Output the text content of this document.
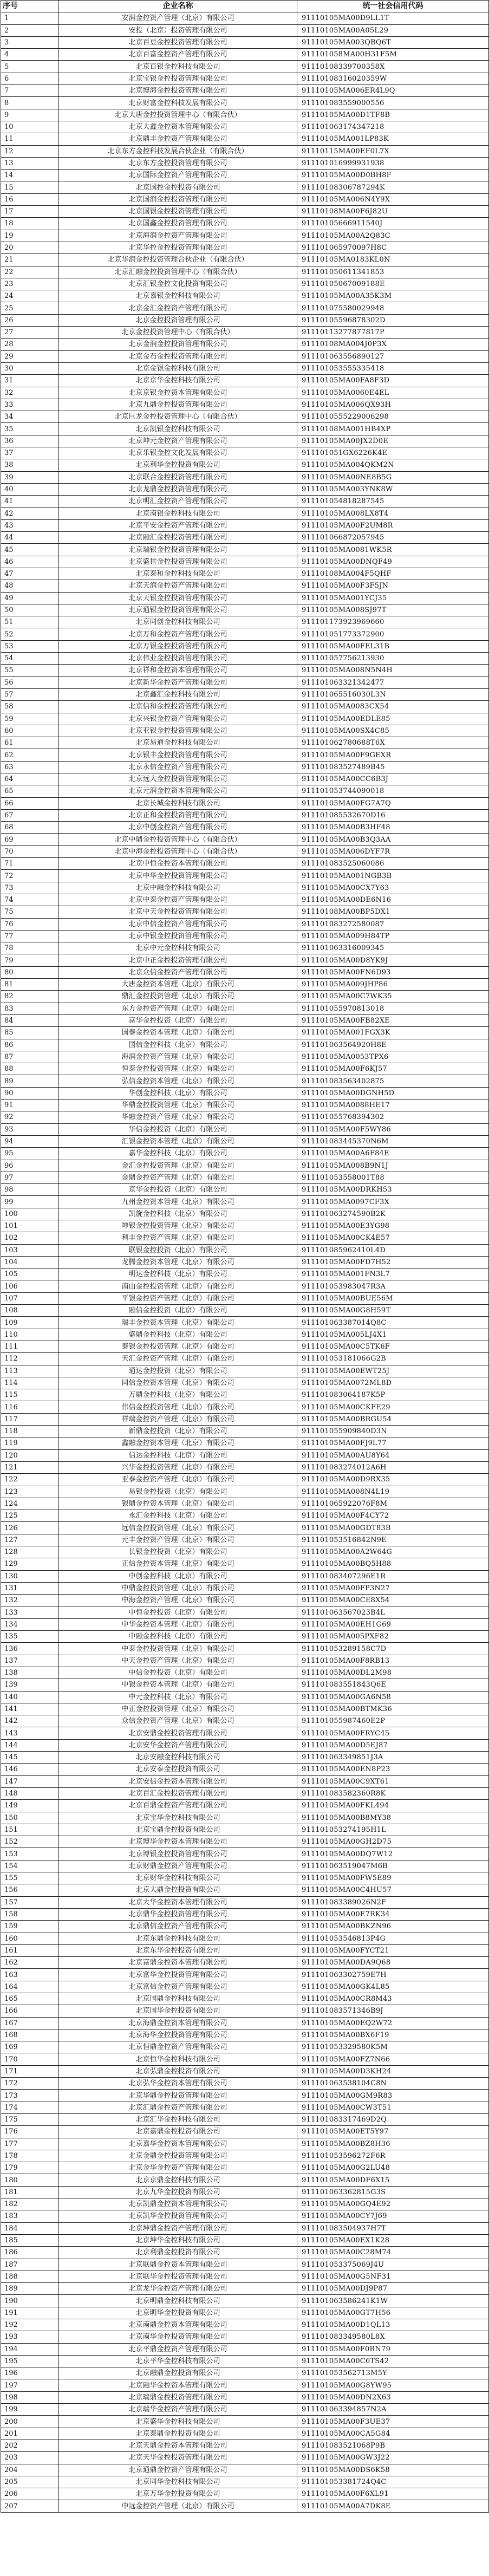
序号	企业名称	统一社会信用代码
1	安润金控资产管理（北京）有限公司	91110105MA00D9LL1T
2	安投（北京）投资管理有限公司	91110105MA00A05L29
3	北京百豆金控投资管理有限公司	91110105MA003QBQ6T
4	北京百富金控资产管理有限公司	911101058MA00H31F5M
5	北京百银金控科技有限公司	91110108339700358X
6	北京宝银金控投资管理有限公司	91110108316020359W
7	北京博海金控投资管理有限公司	91110105MA006ER4L9Q
8	北京财富金控科技发展有限公司	911101083559000556
9	北京大唐金控投资管理中心（有限合伙）	91110105MA00D1TF8B
10	北京大鑫金控资本管理有限公司	911101063174347218
11	北京鼎丰金控资产管理有限公司	91110105MA001LP83K
12	北京东方金控科技发展合伙企业（有限合伙）	91110115MA00EF0L7X
13	北京东方金控投资管理有限公司	911101016999931938
14	北京国际金控资产管理有限公司	91110105MA00D0BH8F
15	北京国控金控投资有限公司	91110108306787294K
16	北京国润金控投资管理有限公司	91110105MA006N4Y9X
17	北京国银金控投资管理有限公司	91110108MA00F6J82U
18	北京国鑫金控投资管理有限公司	91110105666911540J
19	北京海润金控资产管理有限公司	91110105MA00A2Q83C
20	北京华控金控投资管理有限公司	911101065970097H8C
21	北京华润金控投资管理合伙企业（有限合伙）	91110105MA0183KL0N
22	北京汇融金控投资管理中心（有限合伙）	911101050611341853
23	北京汇银金控文化投资有限公司	91110105067009188E
24	北京嘉银金控科技有限公司	91110105MA00A35K3M
25	北京金汇金控资产管理有限公司	911101075580029948
26	北京金控投资管理有限公司	91110105596878302D
27	北京金控投资管理中心（有限合伙）	91110113277877817P
28	北京金润金控投资管理有限公司	91110108MA004J0P3X
29	北京金石金控投资管理有限公司	911101063556890127
30	北京金银金控科技有限公司	911101053555335418
31	北京京华金控科技有限公司	91110105MA00FA8F3D
32	北京京银金控资本管理有限公司	91110105MA0060E4EL
33	北京九鼎金控投资管理有限公司	91110105MA006QX93H
34	北京巨龙金控投资管理中心（有限合伙）	9111010555229006298
35	北京凯银金控科技有限公司	91110108MA001HB4XP
36	北京坤元金控资产管理有限公司	91110105MA00JX2D0E
37	北京乐银金控文化发展有限公司	911101051GX6226K4E
38	北京利华金控投资有限公司	91110105MA004QKM2N
39	北京联合金控投资管理有限公司	91110105MA00NE8B5G
40	北京龙鼎金控投资管理有限公司	91110105MA003YNK8W
41	北京明汇金控资产管理有限公司	911101054818287545
42	北京南银金控科技有限公司	91110105MA008LX8T4
43	北京平安金控资产管理有限公司	91110105MA00F2UM8R
44	北京融汇金控投资管理有限公司	911101066872057945
45	北京瑞银金控投资管理有限公司	91110105MA0081WK5R
46	北京盛世金控投资管理有限公司	91110105MA00DNQF49
47	北京泰和金控科技有限公司	91110108MA004F5QHF
48	北京天润金控资产管理有限公司	91110105MA00F3F5JN
49	北京天银金控投资管理有限公司	91110105MA001YCJ35
50	北京通银金控投资管理有限公司	91110105MA008SJ97T
51	北京同创金控科技有限公司	911101173923969660
52	北京万和金控资产管理有限公司	911101051773372900
53	北京万银金控投资管理有限公司	91110105MA00FEL31B
54	北京伟业金控投资管理有限公司	911101057756213930
55	北京祥和金控资本管理有限公司	91110105MA008N5N4H
56	北京新华金控资产管理有限公司	911101063321342477
57	北京鑫汇金控科技有限公司	911101065516030L3N
58	北京信和金控投资管理有限公司	91110105MA0083CX54
59	北京兴银金控资产管理有限公司	91110105MA00EDLE85
60	北京亚银金控投资管理有限公司	91110105MA00SX4C85
61	北京易通金控科技有限公司	911101062780688T6X
62	北京银丰金控投资管理有限公司	91110105MA00F9GEXR
63	北京永信金控资产管理有限公司	911101083527489B45
64	北京远大金控投资管理有限公司	91110105MA00CC6B3J
65	北京元润金控资本管理有限公司	911101053744090018
66	北京长城金控科技有限公司	91110105MA00FG7A7Q
67	北京正和金控投资管理有限公司	911101085532670D16
68	北京中创金控资产管理有限公司	91110105MA00B3HF48
69	北京中鼎金控投资管理中心（有限合伙）	91110105MA00B3Q3AA
70	北京中海金控投资管理中心（有限合伙）	91110105MA006DYF7R
71	北京中恒金控资本管理有限公司	911101083525060086
72	北京中华金控投资管理有限公司	91110105MA001NGB3B
73	北京中融金控科技有限公司	91110105MA00CX7Y63
74	北京中泰金控资产管理有限公司	91110105MA00DE6N16
75	北京中天金控投资管理有限公司	91110108MA00BP5DX1
76	北京中信金控资产管理有限公司	911101083272580087
77	北京中银金控投资管理有限公司	91110105MA009H84TP
78	北京中元金控科技有限公司	911101063316009345
79	北京中正金控投资管理有限公司	91110105MA00D8YK9J
80	北京众信金控资产管理有限公司	91110105MA00FN6D93
81	大唐金控资本管理（北京）有限公司	91110105MA009JHP86
82	鼎汇金控投资管理（北京）有限公司	91110105MA00C7WK35
83	东方金控资产管理（北京）有限公司	911101055970813018
84	富华金控投资（北京）有限公司	91110105MA00FB82XE
85	国泰金控资本管理（北京）有限公司	91110105MA001FGX3K
86	国信金控科技（北京）有限公司	911101063564920H8E
87	海润金控资产管理（北京）有限公司	91110105MA0053TPX6
88	恒泰金控投资管理（北京）有限公司	91110105MA00F6KJ57
89	弘信金控资本管理（北京）有限公司	911101083563402875
90	华创金控科技（北京）有限公司	91110105MA00DGNH5D
91	华鼎金控投资管理（北京）有限公司	91110105MA0088HE17
92	华融金控资产管理（北京）有限公司	911101055768394302
93	华信金控投资（北京）有限公司	91110105MA00F5WY86
94	汇银金控资本管理（北京）有限公司	911101083445370N6M
95	嘉华金控科技（北京）有限公司	91110105MA00A6F84E
96	金汇金控投资管理（北京）有限公司	91110105MA008B9N1J
97	金鼎金控资产管理（北京）有限公司	911101053558001T88
98	京华金控投资（北京）有限公司	91110105MA00DRKH53
99	九州金控资本管理（北京）有限公司	91110105MA0097CF3X
100	凯旋金控科技（北京）有限公司	911101063274590B2K
101	坤银金控投资管理（北京）有限公司	91110105MA00E3YG98
102	利丰金控资产管理（北京）有限公司	91110105MA00CK4E57
103	联银金控投资（北京）有限公司	911101085962410L4D
104	龙腾金控资本管理（北京）有限公司	91110105MA00FD7H52
105	明达金控科技（北京）有限公司	91110105MA001FN3L7
106	南山金控投资管理（北京）有限公司	911101053983047R3A
107	平银金控资产管理（北京）有限公司	91110105MA00BUE56M
108	融信金控投资（北京）有限公司	91110105MA00G8H59T
109	瑞丰金控资本管理（北京）有限公司	911101063387014Q8C
110	盛鼎金控科技（北京）有限公司	91110105MA005LJ4X1
111	泰银金控投资管理（北京）有限公司	91110105MA00C5TK6F
112	天汇金控资产管理（北京）有限公司	911101053181066G2B
113	通达金控投资（北京）有限公司	91110105MA00EWT25J
114	同信金控资本管理（北京）有限公司	91110105MA0072ML8D
115	万鼎金控科技（北京）有限公司	911101083064187K5P
116	伟信金控投资管理（北京）有限公司	91110105MA00CKFE29
117	祥瑞金控资产管理（北京）有限公司	91110105MA00BRGU54
118	新鼎金控投资（北京）有限公司	911101055909840D3N
119	鑫融金控资本管理（北京）有限公司	91110105MA00FJ9L77
120	信达金控科技（北京）有限公司	91110105MA00AU8Y64
121	兴华金控投资管理（北京）有限公司	911101083274012A6H
122	亚泰金控资产管理（北京）有限公司	91110105MA00D9RX35
123	易银金控投资（北京）有限公司	91110105MA008N4L19
124	银鼎金控资本管理（北京）有限公司	911101065922076F8M
125	永汇金控科技（北京）有限公司	91110105MA00F4CY72
126	远信金控投资管理（北京）有限公司	91110105MA00GDT83B
127	元丰金控资产管理（北京）有限公司	911101053516842N9E
128	长银金控投资（北京）有限公司	91110105MA00A2W64G
129	正信金控资本管理（北京）有限公司	91110105MA00BQ5H88
130	中创金控科技（北京）有限公司	911101083407296E1R
131	中鼎金控投资管理（北京）有限公司	91110105MA00FP3N27
132	中海金控资产管理（北京）有限公司	91110105MA00CE8X54
133	中恒金控投资（北京）有限公司	911101063567023B4L
134	中华金控资本管理（北京）有限公司	91110105MA00EH1G69
135	中融金控科技（北京）有限公司	91110105MA005PXF82
136	中泰金控投资管理（北京）有限公司	911101053289158C7D
137	中天金控资产管理（北京）有限公司	91110105MA00F8RB13
138	中信金控投资（北京）有限公司	91110105MA00DL2M98
139	中银金控资本管理（北京）有限公司	911101083551843Q6E
140	中元金控科技（北京）有限公司	91110105MA00GA6N58
141	中正金控投资管理（北京）有限公司	91110105MA00BTMK36
142	众信金控资产管理（北京）有限公司	911101055987460E2P
143	北京安鼎金控投资管理有限公司	91110105MA00FRYC45
144	北京安华金控资产管理有限公司	91110105MA00D5EJ87
145	北京安融金控科技有限公司	911101063349851J3A
146	北京安泰金控投资有限公司	91110105MA00EN8P23
147	北京安信金控资本管理有限公司	91110105MA00C9XT61
148	北京百汇金控投资管理有限公司	911101083582360R8K
149	北京百鼎金控资产管理有限公司	91110105MA00FKL494
150	北京宝华金控科技有限公司	91110105MA00B8MY38
151	北京宝鼎金控投资有限公司	911101053274195H1L
152	北京博华金控资本管理有限公司	91110105MA00GH2D75
153	北京博银金控投资管理有限公司	91110105MA00DQ7W12
154	北京财鼎金控资产管理有限公司	911101063519047M6B
155	北京财华金控科技有限公司	91110105MA00FW5E89
156	北京大鼎金控投资有限公司	91110105MA00C4HU57
157	北京大华金控资本管理有限公司	911101083389026N2F
158	北京鼎华金控投资管理有限公司	91110105MA00E7RK34
159	北京鼎信金控资产管理有限公司	91110105MA00BKZN96
160	北京东鼎金控科技有限公司	911101053546813P4G
161	北京东华金控投资有限公司	91110105MA00FYCT21
162	北京富鼎金控资本管理有限公司	91110105MA00DA9Q68
163	北京富华金控投资管理有限公司	911101063302759E7H
164	北京富信金控资产管理有限公司	91110105MA00GK4L85
165	北京国鼎金控科技有限公司	91110105MA00CR8M43
166	北京国华金控投资有限公司	911101083571346B9J
167	北京海鼎金控资本管理有限公司	91110105MA00EQ2W72
168	北京海华金控投资管理有限公司	91110105MA00BX6F19
169	北京恒鼎金控资产管理有限公司	911101053329580K5M
170	北京恒华金控科技有限公司	91110105MA00FZ7N66
171	北京弘鼎金控投资有限公司	91110105MA00D3KH24
172	北京弘华金控资本管理有限公司	911101063538104C8N
173	北京华鼎金控投资管理有限公司	91110105MA00GM9R83
174	北京汇鼎金控资产管理有限公司	91110105MA00CW3T51
175	北京汇华金控科技有限公司	911101083317469D2Q
176	北京嘉鼎金控投资有限公司	91110105MA00ET5Y97
177	北京嘉华金控资本管理有限公司	91110105MA00BZ8H36
178	北京金鼎金控投资管理有限公司	911101053596272F6R
179	北京金华金控资产管理有限公司	91110105MA00G2LU48
180	北京京鼎金控科技有限公司	91110105MA00DF6X15
181	北京九华金控投资有限公司	911101063362815G3S
182	北京凯鼎金控资本管理有限公司	91110105MA00GQ4E92
183	北京凯华金控投资管理有限公司	91110105MA00CY7J69
184	北京坤鼎金控资产管理有限公司	911101083504937H7T
185	北京坤华金控科技有限公司	91110105MA00EX1K28
186	北京利鼎金控投资有限公司	91110105MA00C28M74
187	北京联鼎金控资本管理有限公司	911101053375069J4U
188	北京联华金控投资管理有限公司	91110105MA00G5NF31
189	北京龙华金控资产管理有限公司	91110105MA00DJ9P87
190	北京明鼎金控科技有限公司	911101063586241K1W
191	北京明华金控投资有限公司	91110105MA00GT7H56
192	北京南鼎金控资本管理有限公司	91110105MA00D1QL13
193	北京南华金控投资管理有限公司	911101083349580L8X
194	北京平鼎金控资产管理有限公司	91110105MA00F0RN79
195	北京平华金控科技有限公司	91110105MA00C6TS42
196	北京融鼎金控投资有限公司	911101053562713M5Y
197	北京融华金控资本管理有限公司	91110105MA00G8YW95
198	北京瑞鼎金控投资管理有限公司	91110105MA00DN2X63
199	北京瑞华金控资产管理有限公司	911101063394857N2A
200	北京盛华金控科技有限公司	91110105MA00F3UE37
201	北京泰鼎金控投资有限公司	91110105MA00CA5G84
202	北京天鼎金控资本管理有限公司	911101083521068P9B
203	北京天华金控投资管理有限公司	91110105MA00GW3J22
204	北京通鼎金控资产管理有限公司	91110105MA00DS6K58
205	北京同华金控科技有限公司	911101053381724Q4C
206	北京万华金控投资有限公司	91110105MA00F6XL91
207	中远金控资产管理（北京）有限公司	91110105MA00A7DK8E
